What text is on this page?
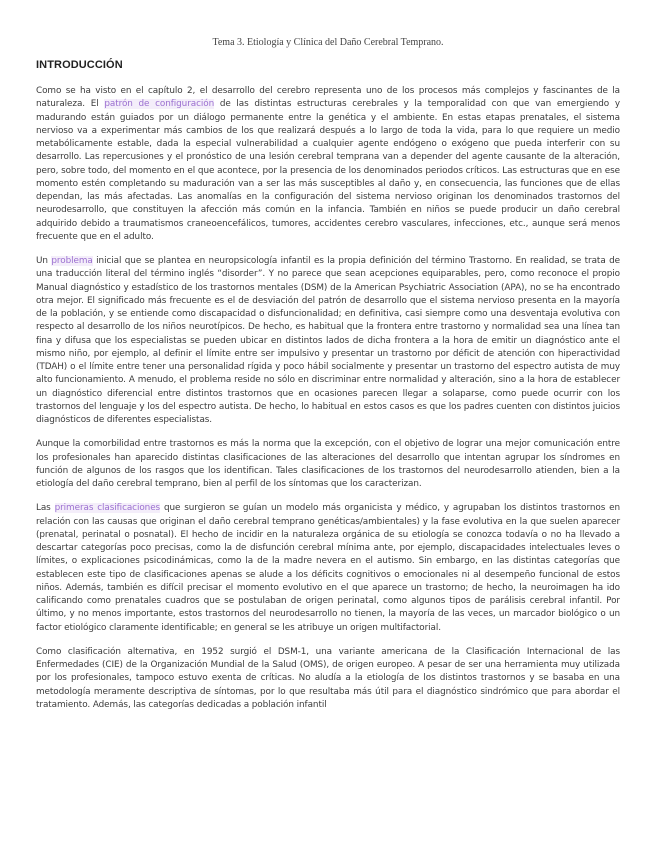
Tema 3. Etiología y Clínica del Daño Cerebral Temprano.
INTRODUCCIÓN

Como se ha visto en el capítulo 2, el desarrollo del cerebro representa uno de los procesos más complejos y fascinantes de la naturaleza. El patrón de configuración de las distintas estructuras cerebrales y la temporalidad con que van emergiendo y madurando están guiados por un diálogo permanente entre la genética y el ambiente. En estas etapas prenatales, el sistema nervioso va a experimentar más cambios de los que realizará después a lo largo de toda la vida, para lo que requiere un medio metabólicamente estable, dada la especial vulnerabilidad a cualquier agente endógeno o exógeno que pueda interferir con su desarrollo. Las repercusiones y el pronóstico de una lesión cerebral temprana van a depender del agente causante de la alteración, pero, sobre todo, del momento en el que acontece, por la presencia de los denominados periodos críticos. Las estructuras que en ese momento estén completando su maduración van a ser las más susceptibles al daño y, en consecuencia, las funciones que de ellas dependan, las más afectadas. Las anomalías en la configuración del sistema nervioso originan los denominados trastornos del neurodesarrollo, que constituyen la afección más común en la infancia. También en niños se puede producir un daño cerebral adquirido debido a traumatismos craneoencefálicos, tumores, accidentes cerebro vasculares, infecciones, etc., aunque será menos frecuente que en el adulto.

Un problema inicial que se plantea en neuropsicología infantil es la propia definición del término Trastorno. En realidad, se trata de una traducción literal del término inglés “disorder”. Y no parece que sean acepciones equiparables, pero, como reconoce el propio Manual diagnóstico y estadístico de los trastornos mentales (DSM) de la American Psychiatric Association (APA), no se ha encontrado otra mejor. El significado más frecuente es el de desviación del patrón de desarrollo que el sistema nervioso presenta en la mayoría de la población, y se entiende como discapacidad o disfuncionalidad; en definitiva, casi siempre como una desventaja evolutiva con respecto al desarrollo de los niños neurotípicos. De hecho, es habitual que la frontera entre trastorno y normalidad sea una línea tan fina y difusa que los especialistas se pueden ubicar en distintos lados de dicha frontera a la hora de emitir un diagnóstico ante el mismo niño, por ejemplo, al definir el límite entre ser impulsivo y presentar un trastorno por déficit de atención con hiperactividad (TDAH) o el límite entre tener una personalidad rígida y poco hábil socialmente y presentar un trastorno del espectro autista de muy alto funcionamiento. A menudo, el problema reside no sólo en discriminar entre normalidad y alteración, sino a la hora de establecer un diagnóstico diferencial entre distintos trastornos que en ocasiones parecen llegar a solaparse, como puede ocurrir con los trastornos del lenguaje y los del espectro autista. De hecho, lo habitual en estos casos es que los padres cuenten con distintos juicios diagnósticos de diferentes especialistas.

Aunque la comorbilidad entre trastornos es más la norma que la excepción, con el objetivo de lograr una mejor comunicación entre los profesionales han aparecido distintas clasificaciones de las alteraciones del desarrollo que intentan agrupar los síndromes en función de algunos de los rasgos que los identifican. Tales clasificaciones de los trastornos del neurodesarrollo atienden, bien a la etiología del daño cerebral temprano, bien al perfil de los síntomas que los caracterizan.

Las primeras clasificaciones que surgieron se guían un modelo más organicista y médico, y agrupaban los distintos trastornos en relación con las causas que originan el daño cerebral temprano genéticas/ambientales) y la fase evolutiva en la que suelen aparecer (prenatal, perinatal o posnatal). El hecho de incidir en la naturaleza orgánica de su etiología se conozca todavía o no ha llevado a descartar categorías poco precisas, como la de disfunción cerebral mínima ante, por ejemplo, discapacidades intelectuales leves o límites, o explicaciones psicodinámicas, como la de la madre nevera en el autismo. Sin embargo, en las distintas categorías que establecen este tipo de clasificaciones apenas se alude a los déficits cognitivos o emocionales ni al desempeño funcional de estos niños. Además, también es difícil precisar el momento evolutivo en el que aparece un trastorno; de hecho, la neuroimagen ha ido calificando como prenatales cuadros que se postulaban de origen perinatal, como algunos tipos de parálisis cerebral infantil. Por último, y no menos importante, estos trastornos del neurodesarrollo no tienen, la mayoría de las veces, un marcador biológico o un factor etiológico claramente identificable; en general se les atribuye un origen multifactorial.

Como clasificación alternativa, en 1952 surgió el DSM-1, una variante americana de la Clasificación Internacional de las Enfermedades (CIE) de la Organización Mundial de la Salud (OMS), de origen europeo. A pesar de ser una herramienta muy utilizada por los profesionales, tampoco estuvo exenta de críticas. No aludía a la etiología de los distintos trastornos y se basaba en una metodología meramente descriptiva de síntomas, por lo que resultaba más útil para el diagnóstico sindrómico que para abordar el tratamiento. Además, las categorías dedicadas a población infantil
